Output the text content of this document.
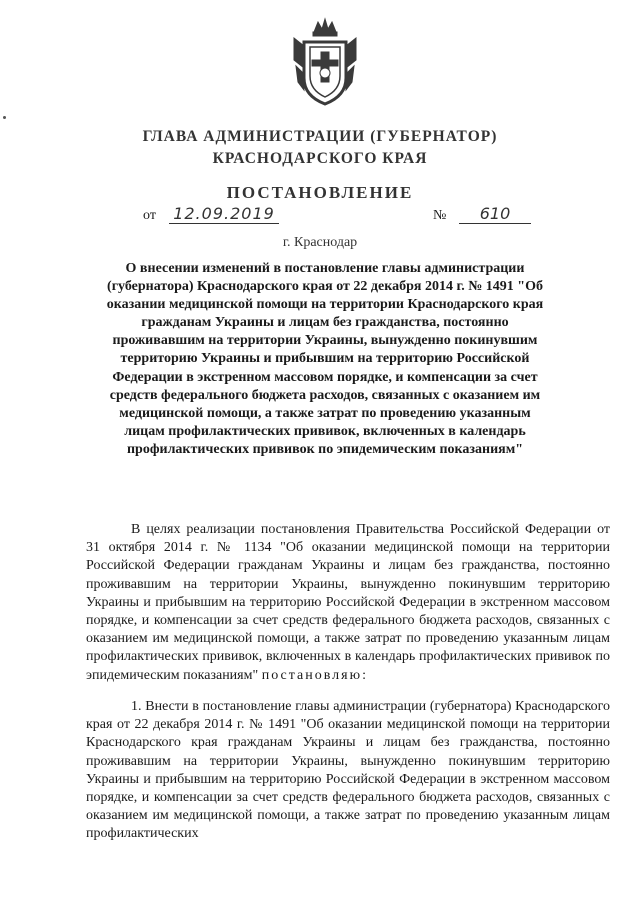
ГЛАВА АДМИНИСТРАЦИИ (ГУБЕРНАТОР)
КРАСНОДАРСКОГО КРАЯ
ПОСТАНОВЛЕНИЕ
от 12.09.2019	№	610
г. Краснодар
О внесении изменений в постановление главы администрации (губернатора) Краснодарского края от 22 декабря 2014 г. № 1491 "Об оказании медицинской помощи на территории Краснодарского края гражданам Украины и лицам без гражданства, постоянно проживавшим на территории Украины, вынужденно покинувшим территорию Украины и прибывшим на территорию Российской Федерации в экстренном массовом порядке, и компенсации за счет средств федерального бюджета расходов, связанных с оказанием им медицинской помощи, а также затрат по проведению указанным лицам профилактических прививок, включенных в календарь профилактических прививок по эпидемическим показаниям"
В целях реализации постановления Правительства Российской Федерации от 31 октября 2014 г. № 1134 "Об оказании медицинской помощи на территории Российской Федерации гражданам Украины и лицам без гражданства, постоянно проживавшим на территории Украины, вынужденно покинувшим территорию Украины и прибывшим на территорию Российской Федерации в экстренном массовом порядке, и компенсации за счет средств федерального бюджета расходов, связанных с оказанием им медицинской помощи, а также затрат по проведению указанным лицам профилактических прививок, включенных в календарь профилактических прививок по эпидемическим показаниям" постановляю:
1. Внести в постановление главы администрации (губернатора) Краснодарского края от 22 декабря 2014 г. № 1491 "Об оказании медицинской помощи на территории Краснодарского края гражданам Украины и лицам без гражданства, постоянно проживавшим на территории Украины, вынужденно покинувшим территорию Украины и прибывшим на территорию Российской Федерации в экстренном массовом порядке, и компенсации за счет средств федерального бюджета расходов, связанных с оказанием им медицинской помощи, а также затрат по проведению указанным лицам профилактических
